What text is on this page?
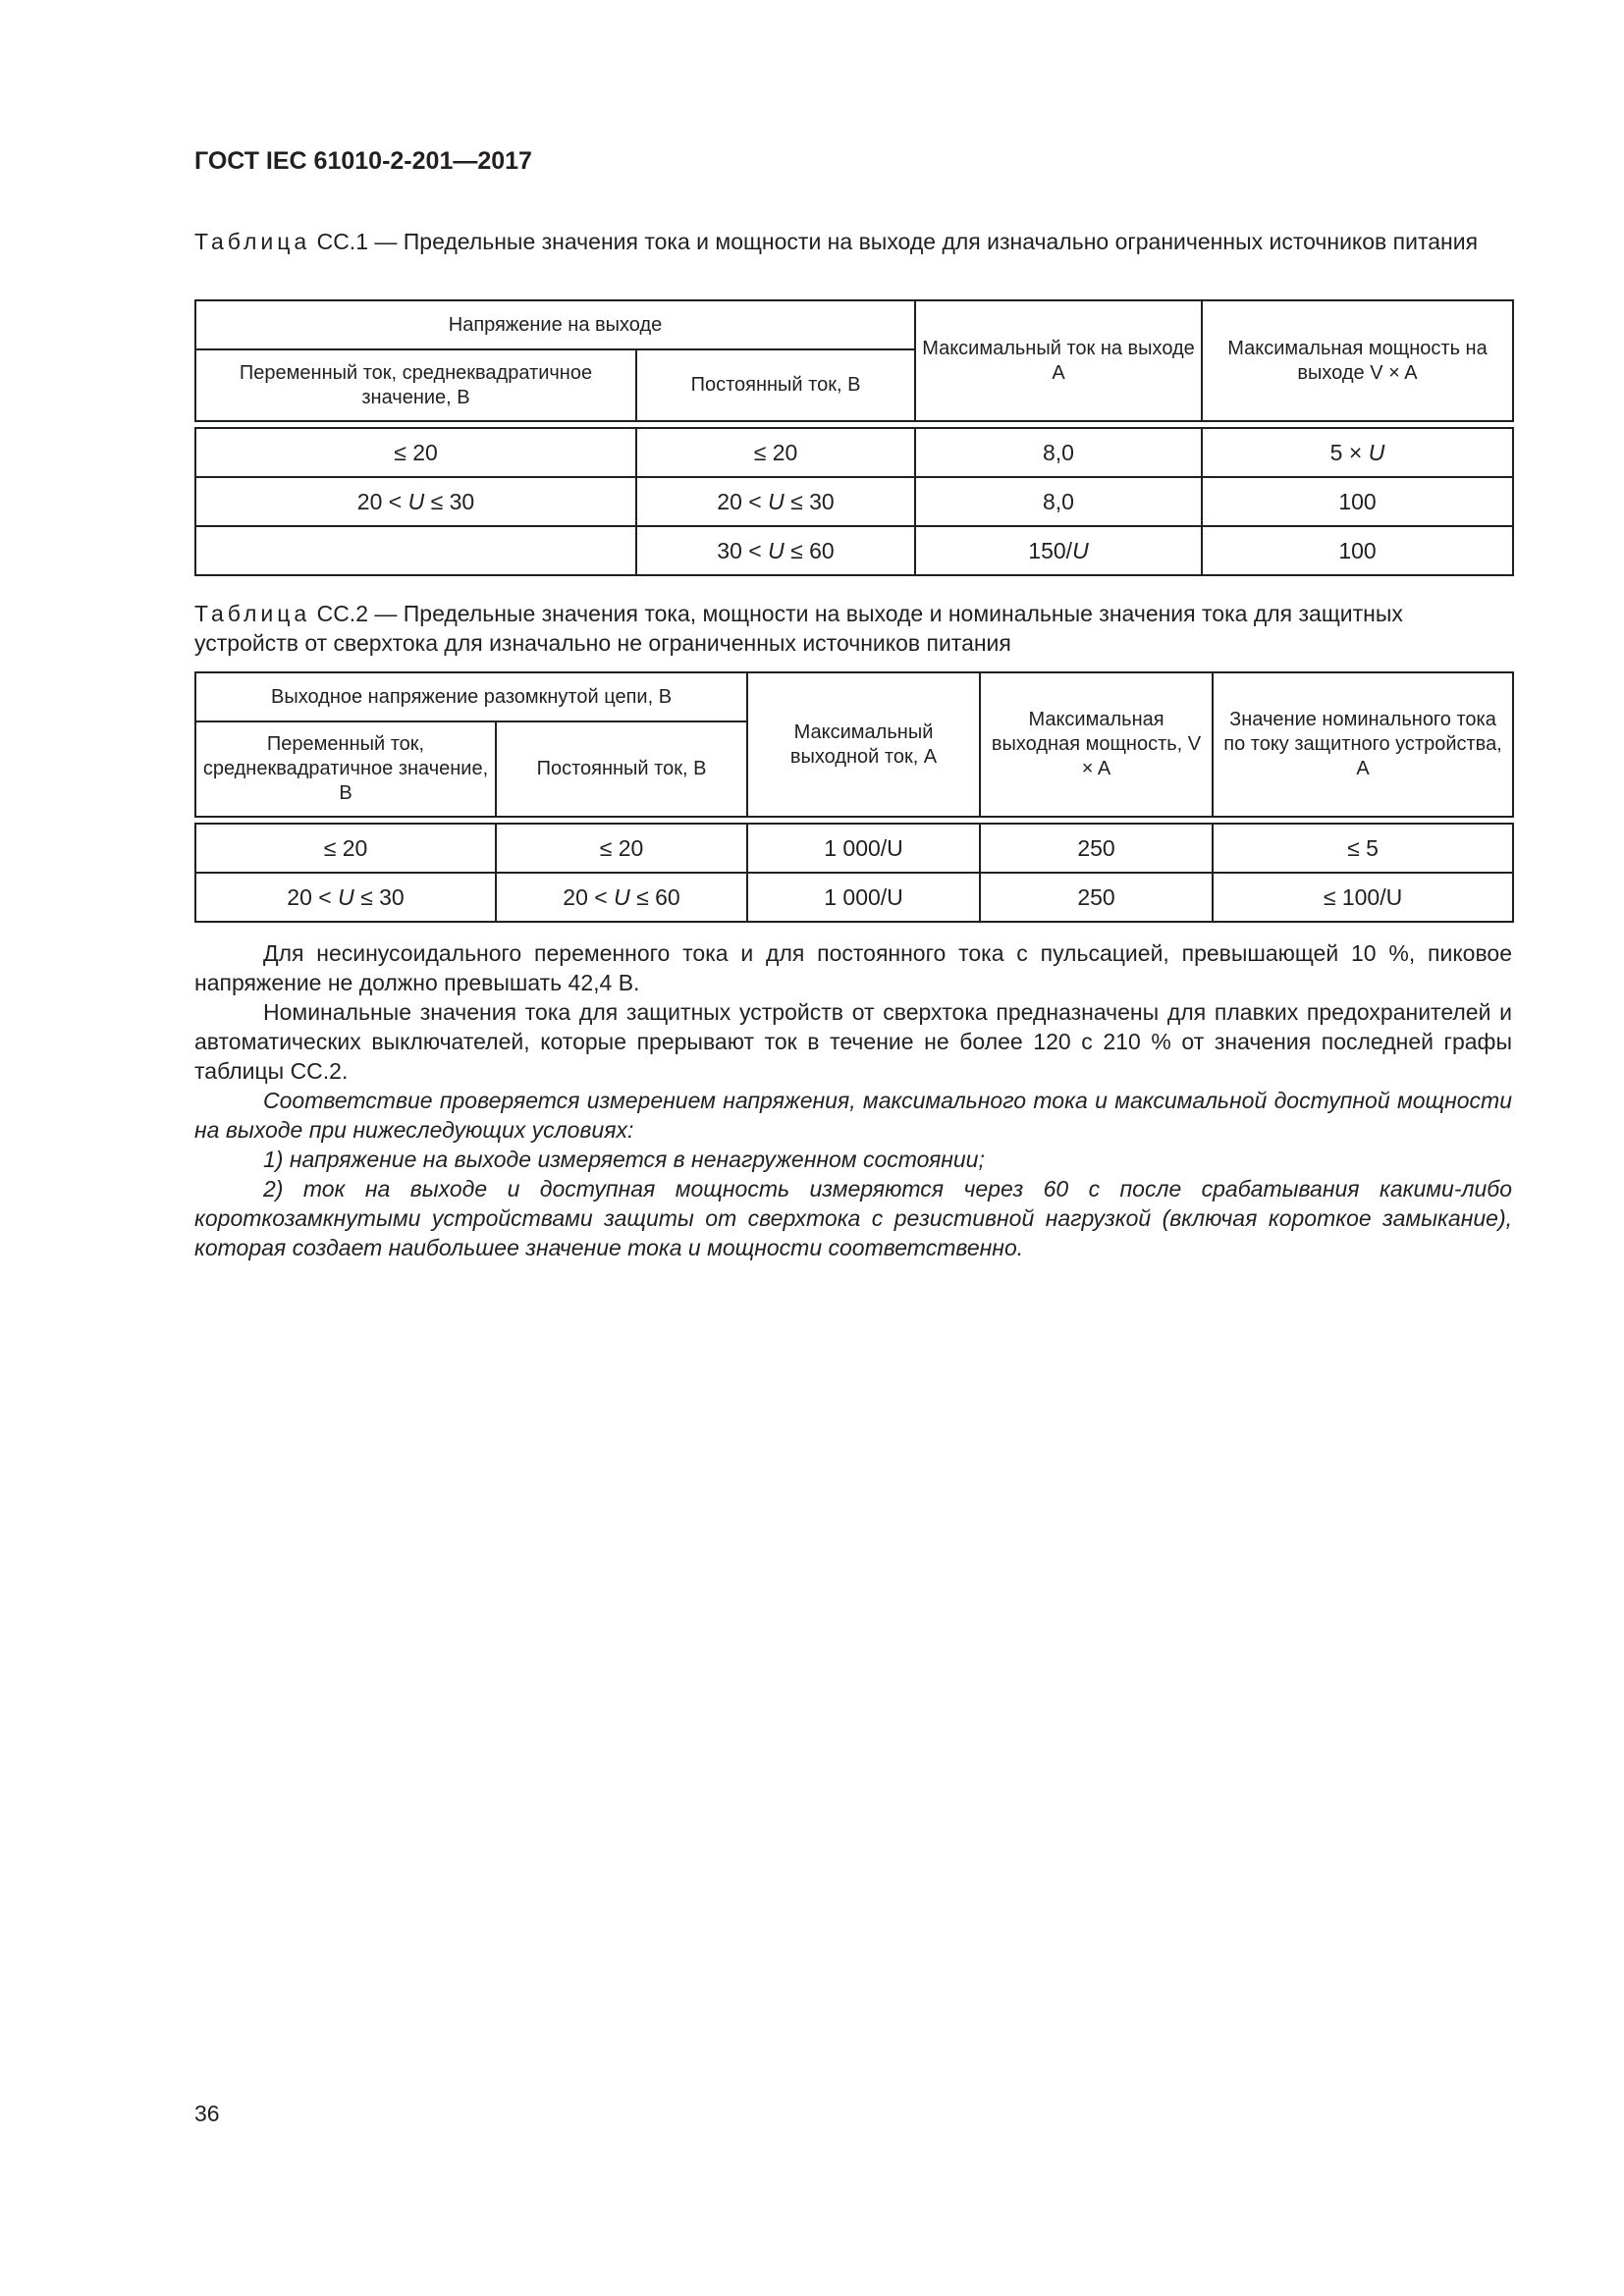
ГОСТ IEC 61010-2-201—2017
Таблица СС.1 — Предельные значения тока и мощности на выходе для изначально ограниченных источников питания
Напряжение на выходе		Максимальный ток на выходе А	Максимальная мощность на выходе V × A
Переменный ток, среднеквадратичное значение, В	Постоянный ток, В		

≤ 20	≤ 20	8,0	5 × U
20 < U ≤ 30	20 < U ≤ 30	8,0	100
	30 < U ≤ 60	150/U	100
Таблица СС.2 — Предельные значения тока, мощности на выходе и номинальные значения тока для защитных устройств от сверхтока для изначально не ограниченных источников питания
Выходное напряжение разомкнутой цепи, В		Максимальный выходной ток, А	Максимальная выходная мощность, V × A	Значение номинального тока по току защитного устройства, А
Переменный ток, среднеквадратичное значение, В	Постоянный ток, В			

≤ 20	≤ 20	1 000/U	250	≤ 5
20 < U ≤ 30	20 < U ≤ 60	1 000/U	250	≤ 100/U

Для несинусоидального переменного тока и для постоянного тока с пульсацией, превышающей 10 %, пиковое напряжение не должно превышать 42,4 В.

Номинальные значения тока для защитных устройств от сверхтока предназначены для плавких предохранителей и автоматических выключателей, которые прерывают ток в течение не более 120 с 210 % от значения последней графы таблицы СС.2.

Соответствие проверяется измерением напряжения, максимального тока и максимальной доступной мощности на выходе при нижеследующих условиях:

1) напряжение на выходе измеряется в ненагруженном состоянии;

2) ток на выходе и доступная мощность измеряются через 60 с после срабатывания какими-либо короткозамкнутыми устройствами защиты от сверхтока с резистивной нагрузкой (включая короткое замыкание), которая создает наибольшее значение тока и мощности соответственно.

36
